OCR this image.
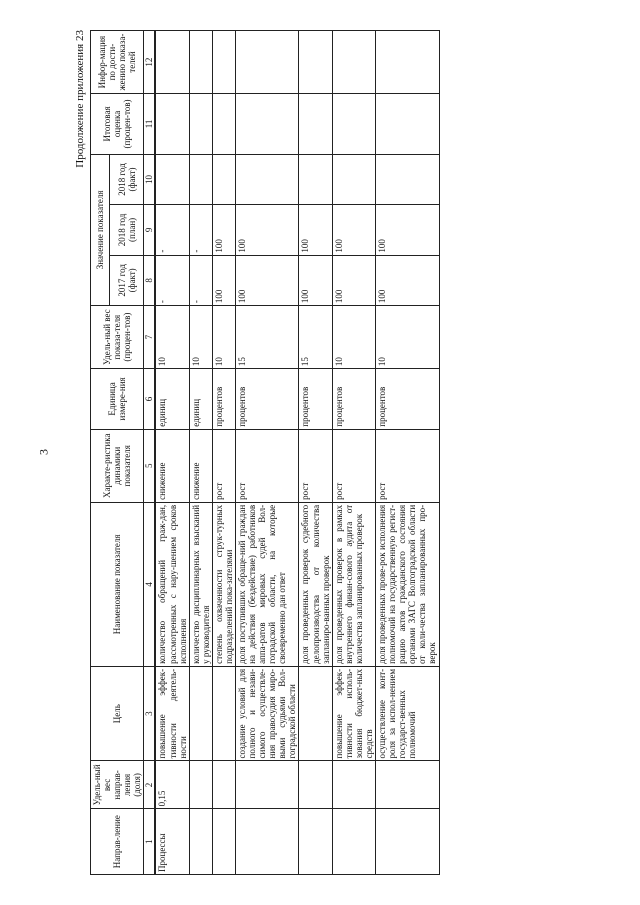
3
Продолжение приложения 23
Направ-ление	Удель-ный вес направ-ления (доля)	Цель	Наименование показателя	Характе-ристика динамики показателя	Единица измере-ния	Удель-ный вес показа-теля (процен-тов)	Значение показателя			Итоговая оценка (процен-тов)	Инфор-мация по дости-жению показа-телей
							2017 год (факт)	2018 год (план)	2018 год (факт)		
1	2	3	4	5	6	7	8	9	10	11	12
Процессы	0,15	повышение эффек-тивности деятель-ности	количество обращений граж-дан, рассмотренных с нару-шением сроков исполнения	снижение	единиц	10	-	-			
			количество дисциплинарных взысканий у руководителя	снижение	единиц	10	-	-			
			степень охваченности струк-турных подразделений пока-зателями	рост	процентов	10	100	100			
		создание условий для полного и незави-симого осуществле-ния правосудия миро-выми судьями Вол-гоградской области	доля поступивших обраще-ний граждан на действия (бездействие) работников аппа-ратов мировых судей Вол-гоградской области, на которые своевременно дан ответ	рост	процентов	15	100	100			
			доля проведенных проверок судебного делопроизводства от количества запланиро-ванных проверок	рост	процентов	15	100	100			
		повышение эффек-тивности исполь-зования бюджет-ных средств	доля проведенных проверок в рамках внутреннего финан-сового аудита от количества запланированных проверок	рост	процентов	10	100	100			
		осуществление конт-роля за испол-нением государст-венных полномочий	доля проведенных прове-рок исполнения полномочий на государственную регист-рацию актов гражданского состояния органами ЗАГС Волгоградской области от коли-чества запланированных про-верок	рост	процентов	10	100	100			
